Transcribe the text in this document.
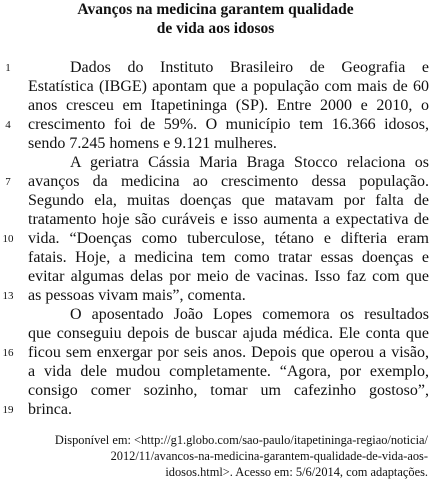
Avanços na medicina garantem qualidade
de vida aos idosos
1
4
7
10
13
16
19
Dados do Instituto Brasileiro de Geografia e
Estatística (IBGE) apontam que a população com mais de 60
anos cresceu em Itapetininga (SP). Entre 2000 e 2010, o
crescimento foi de 59%. O município tem 16.366 idosos,
sendo 7.245 homens e 9.121 mulheres.
A geriatra Cássia Maria Braga Stocco relaciona os
avanços da medicina ao crescimento dessa população.
Segundo ela, muitas doenças que matavam por falta de
tratamento hoje são curáveis e isso aumenta a expectativa de
vida. “Doenças como tuberculose, tétano e difteria eram
fatais. Hoje, a medicina tem como tratar essas doenças e
evitar algumas delas por meio de vacinas. Isso faz com que
as pessoas vivam mais”, comenta.
O aposentado João Lopes comemora os resultados
que conseguiu depois de buscar ajuda médica. Ele conta que
ficou sem enxergar por seis anos. Depois que operou a visão,
a vida dele mudou completamente. “Agora, por exemplo,
consigo comer sozinho, tomar um cafezinho gostoso”,
brinca.
Disponível em: <http://g1.globo.com/sao-paulo/itapetininga-regiao/noticia/
2012/11/avancos-na-medicina-garantem-qualidade-de-vida-aos-
idosos.html>. Acesso em: 5/6/2014, com adaptações.
